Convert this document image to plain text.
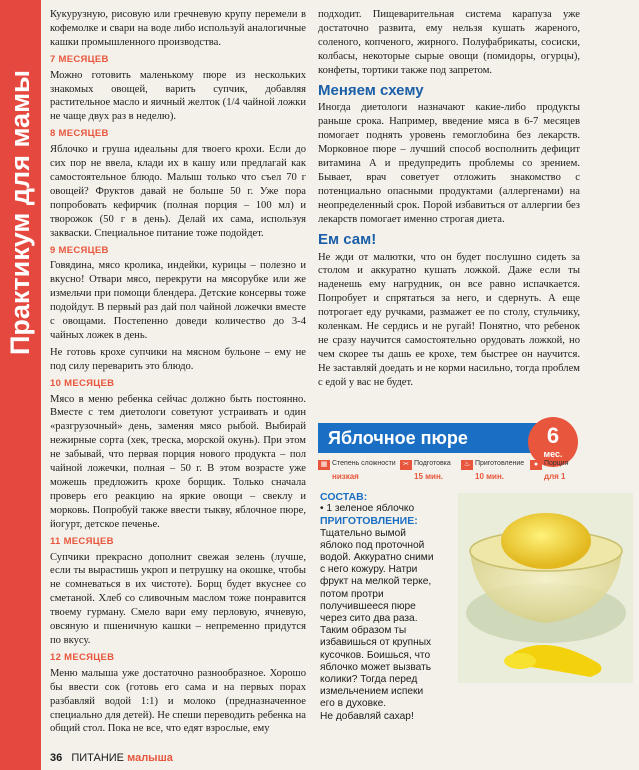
Практикум для мамы

Кукурузную, рисовую или гречневую крупу перемели в кофемолке и свари на воде либо используй аналогичные кашки промышленного производства.

7 МЕСЯЦЕВ

Можно готовить маленькому пюре из нескольких знакомых овощей, варить супчик, добавляя растительное масло и яичный желток (1/4 чайной ложки не чаще двух раз в неделю).

8 МЕСЯЦЕВ

Яблочко и груша идеальны для твоего крохи. Если до сих пор не ввела, клади их в кашу или предлагай как самостоятельное блюдо. Малыш только что съел 70 г овощей? Фруктов давай не больше 50 г. Уже пора попробовать кефирчик (полная порция – 100 мл) и творожок (50 г в день). Делай их сама, используя закваски. Специальное питание тоже подойдет.

9 МЕСЯЦЕВ

Говядина, мясо кролика, индейки, курицы – полезно и вкусно! Отвари мясо, перекрути на мясорубке или же измельчи при помощи блендера. Детские консервы тоже подойдут. В первый раз дай пол чайной ложечки вместе с овощами. Постепенно доведи количество до 3-4 чайных ложек в день.

Не готовь крохе супчики на мясном бульоне – ему не под силу переварить это блюдо.

10 МЕСЯЦЕВ

Мясо в меню ребенка сейчас должно быть постоянно. Вместе с тем диетологи советуют устраивать и один «разгрузочный» день, заменяя мясо рыбой. Выбирай нежирные сорта (хек, треска, морской окунь). При этом не забывай, что первая порция нового продукта – пол чайной ложечки, полная – 50 г. В этом возрасте уже можешь предложить крохе борщик. Только сначала проверь его реакцию на яркие овощи – свеклу и морковь. Попробуй также ввести тыкву, яблочное пюре, йогурт, детское печенье.

11 МЕСЯЦЕВ

Супчики прекрасно дополнит свежая зелень (лучше, если ты вырастишь укроп и петрушку на окошке, чтобы не сомневаться в их чистоте). Борщ будет вкуснее со сметаной. Хлеб со сливочным маслом тоже понравится твоему гурману. Смело вари ему перловую, ячневую, овсяную и пшеничную кашки – непременно придутся по вкусу.

12 МЕСЯЦЕВ

Меню малыша уже достаточно разнообразное. Хорошо бы ввести сок (готовь его сама и на первых порах разбавляй водой 1:1) и молоко (предназначенное специально для детей). Не спеши переводить ребенка на общий стол. Пока не все, что едят взрослые, ему

подходит. Пищеварительная система карапуза уже достаточно развита, ему нельзя кушать жареного, соленого, копченого, жирного. Полуфабрикаты, сосиски, колбасы, некоторые сырые овощи (помидоры, огурцы), конфеты, тортики также под запретом.

Меняем схему

Иногда диетологи назначают какие-либо продукты раньше срока. Например, введение мяса в 6-7 месяцев помогает поднять уровень гемоглобина без лекарств. Морковное пюре – лучший способ восполнить дефицит витамина А и предупредить проблемы со зрением. Бывает, врач советует отложить знакомство с потенциально опасными продуктами (аллергенами) на неопределенный срок. Порой избавиться от аллергии без лекарств помогает именно строгая диета.

Ем сам!

Не жди от малютки, что он будет послушно сидеть за столом и аккуратно кушать ложкой. Даже если ты наденешь ему нагрудник, он все равно испачкается. Попробует и спрятаться за него, и сдернуть. А еще потрогает еду ручками, размажет ее по столу, стульчику, коленкам. Не сердись и не ругай! Понятно, что ребенок не сразу научится самостоятельно орудовать ложкой, но чем скорее ты дашь ее крохе, тем быстрее он научится. Не заставляй доедать и не корми насильно, тогда проблем с едой у вас не будет.

Яблочное пюре	6
мес.
▦ Степень сложности
низкая
✂ Подготовка
15 мин.
♨ Приготовление
10 мин.
● Порция
для 1
СОСТАВ:
• 1 зеленое яблочко
ПРИГОТОВЛЕНИЕ:
Тщательно вымой яблоко под проточной водой. Аккуратно сними с него кожуру. Натри фрукт на мелкой терке, потом протри получившееся пюре через сито два раза. Таким образом ты избавишься от крупных кусочков. Боишься, что яблочко может вызвать колики? Тогда перед измельчением испеки его в духовке.
Не добавляй сахар!
36 ПИТАНИЕ малыша
